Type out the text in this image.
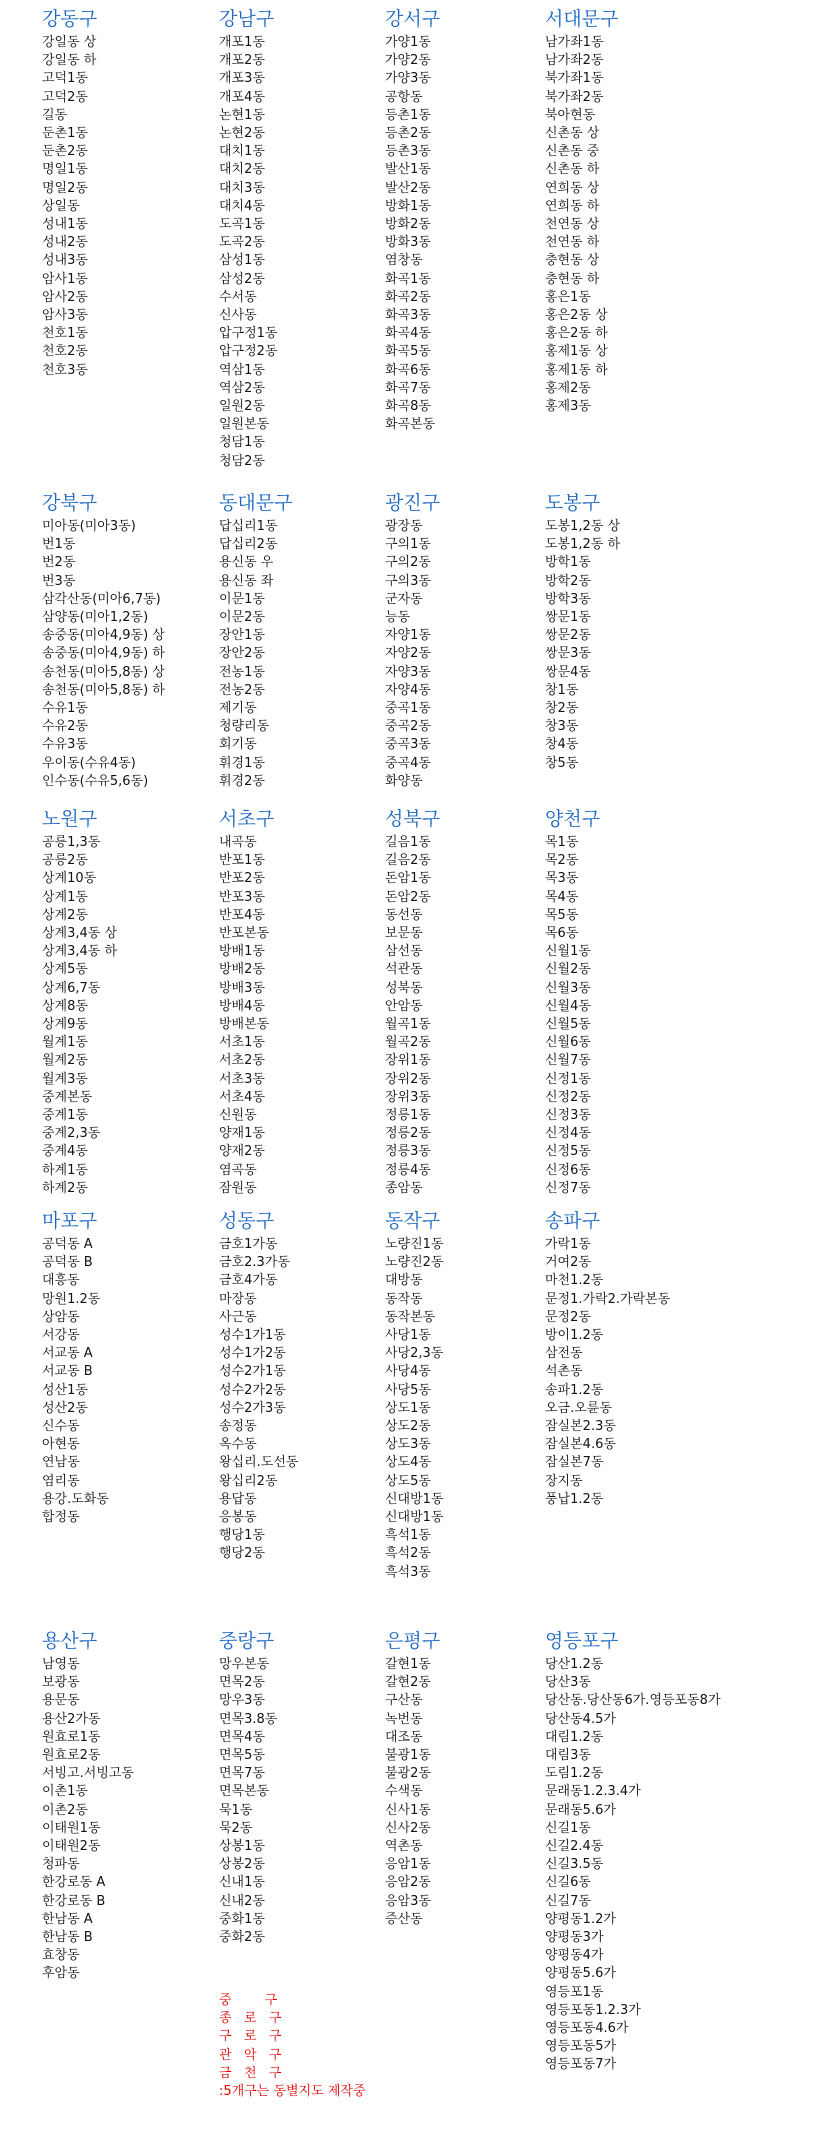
강동구
강일동 상
강일동 하
고덕1동
고덕2동
길동
둔촌1동
둔촌2동
명일1동
명일2동
상일동
성내1동
성내2동
성내3동
암사1동
암사2동
암사3동
천호1동
천호2동
천호3동
강남구
개포1동
개포2동
개포3동
개포4동
논현1동
논현2동
대치1동
대치2동
대치3동
대치4동
도곡1동
도곡2동
삼성1동
삼성2동
수서동
신사동
압구정1동
압구정2동
역삼1동
역삼2동
일원2동
일원본동
청담1동
청담2동
강서구
가양1동
가양2동
가양3동
공항동
등촌1동
등촌2동
등촌3동
발산1동
발산2동
방화1동
방화2동
방화3동
염창동
화곡1동
화곡2동
화곡3동
화곡4동
화곡5동
화곡6동
화곡7동
화곡8동
화곡본동
서대문구
남가좌1동
남가좌2동
북가좌1동
북가좌2동
북아현동
신촌동 상
신촌동 중
신촌동 하
연희동 상
연희동 하
천연동 상
천연동 하
충현동 상
충현동 하
홍은1동
홍은2동 상
홍은2동 하
홍제1동 상
홍제1동 하
홍제2동
홍제3동
강북구
미아동(미아3동)
번1동
번2동
번3동
삼각산동(미아6,7동)
삼양동(미아1,2동)
송중동(미아4,9동) 상
송중동(미아4,9동) 하
송천동(미아5,8동) 상
송천동(미아5,8동) 하
수유1동
수유2동
수유3동
우이동(수유4동)
인수동(수유5,6동)
동대문구
답십리1동
답십리2동
용신동 우
용신동 좌
이문1동
이문2동
장안1동
장안2동
전농1동
전농2동
제기동
청량리동
회기동
휘경1동
휘경2동
광진구
광장동
구의1동
구의2동
구의3동
군자동
능동
자양1동
자양2동
자양3동
자양4동
중곡1동
중곡2동
중곡3동
중곡4동
화양동
도봉구
도봉1,2동 상
도봉1,2동 하
방학1동
방학2동
방학3동
쌍문1동
쌍문2동
쌍문3동
쌍문4동
창1동
창2동
창3동
창4동
창5동
노원구
공릉1,3동
공릉2동
상계10동
상계1동
상계2동
상계3,4동 상
상계3,4동 하
상계5동
상계6,7동
상계8동
상계9동
월계1동
월계2동
월계3동
중계본동
중계1동
중계2,3동
중계4동
하계1동
하계2동
서초구
내곡동
반포1동
반포2동
반포3동
반포4동
반포본동
방배1동
방배2동
방배3동
방배4동
방배본동
서초1동
서초2동
서초3동
서초4동
신원동
양재1동
양재2동
염곡동
잠원동
성북구
길음1동
길음2동
돈암1동
돈암2동
동선동
보문동
삼선동
석관동
성북동
안암동
월곡1동
월곡2동
장위1동
장위2동
장위3동
정릉1동
정릉2동
정릉3동
정릉4동
종암동
양천구
목1동
목2동
목3동
목4동
목5동
목6동
신월1동
신월2동
신월3동
신월4동
신월5동
신월6동
신월7동
신정1동
신정2동
신정3동
신정4동
신정5동
신정6동
신정7동
마포구
공덕동 A
공덕동 B
대흥동
망원1.2동
상암동
서강동
서교동 A
서교동 B
성산1동
성산2동
신수동
아현동
연남동
염리동
용강.도화동
합정동
성동구
금호1가동
금호2.3가동
금호4가동
마장동
사근동
성수1가1동
성수1가2동
성수2가1동
성수2가2동
성수2가3동
송정동
옥수동
왕십리.도선동
왕십리2동
용답동
응봉동
행당1동
행당2동
동작구
노량진1동
노량진2동
대방동
동작동
동작본동
사당1동
사당2,3동
사당4동
사당5동
상도1동
상도2동
상도3동
상도4동
상도5동
신대방1동
신대방1동
흑석1동
흑석2동
흑석3동
송파구
가락1동
거여2동
마천1.2동
문정1.가락2.가락본동
문정2동
방이1.2동
삼전동
석촌동
송파1.2동
오금.오륜동
잠실본2.3동
잠실본4.6동
잠실본7동
장지동
풍납1.2동
용산구
남영동
보광동
용문동
용산2가동
원효로1동
원효로2동
서빙고.서빙고동
이촌1동
이촌2동
이태원1동
이태원2동
청파동
한강로동 A
한강로동 B
한남동 A
한남동 B
효창동
후암동
중랑구
망우본동
면목2동
망우3동
면목3.8동
면목4동
면목5동
면목7동
면목본동
묵1동
묵2동
상봉1동
상봉2동
신내1동
신내2동
중화1동
중화2동
은평구
갈현1동
갈현2동
구산동
녹번동
대조동
불광1동
불광2동
수색동
신사1동
신사2동
역촌동
응암1동
응암2동
응암3동
증산동
영등포구
당산1.2동
당산3동
당산동.당산동6가.영등포동8가
당산동4.5가
대림1.2동
대림3동
도림1.2동
문래동1.2.3.4가
문래동5.6가
신길1동
신길2.4동
신길3.5동
신길6동
신길7동
양평동1.2가
양평동3가
양평동4가
양평동5.6가
영등포1동
영등포동1.2.3가
영등포동4.6가
영등포동5가
영등포동7가
중        구
종   로   구
구   로   구
관   악   구
금   천   구
:5개구는 동별지도 제작중
